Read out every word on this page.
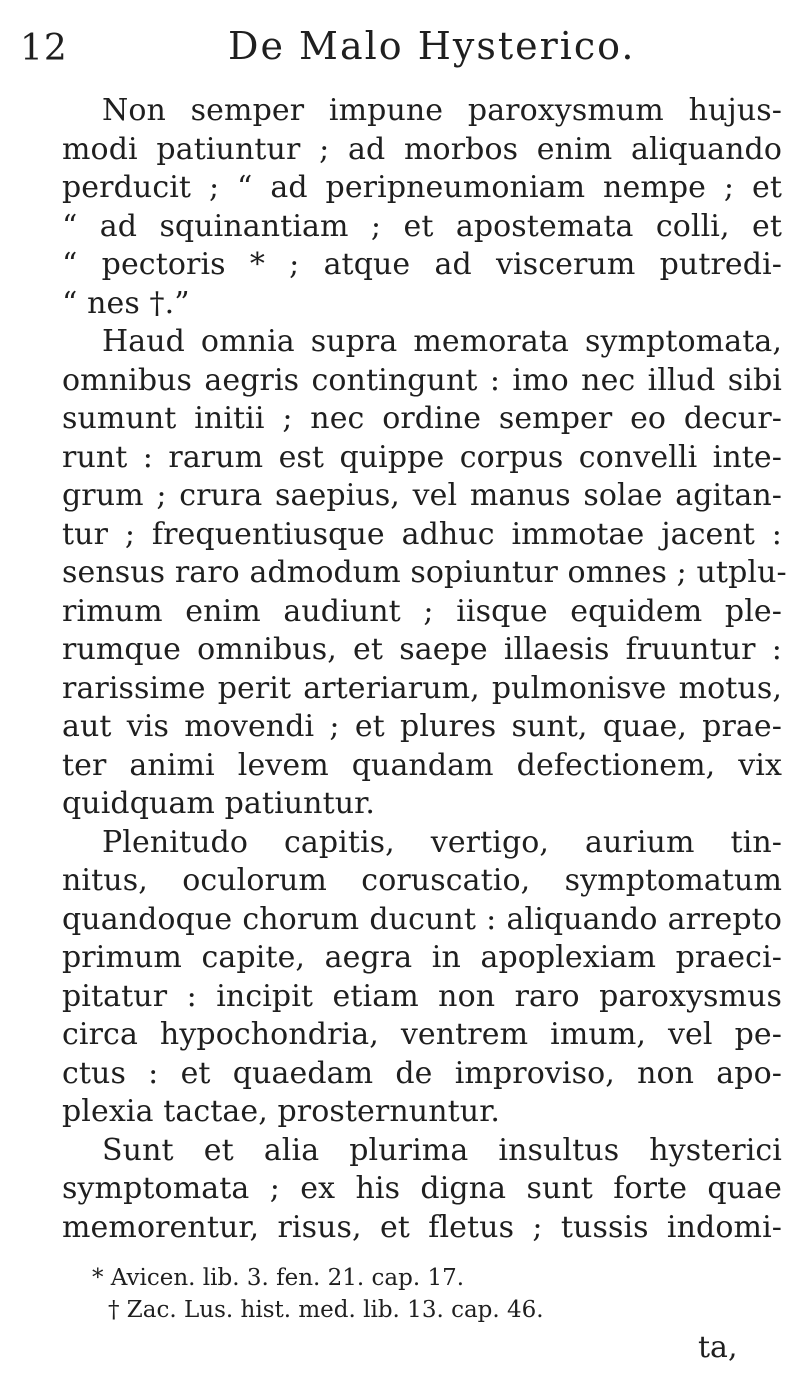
12	De Malo Hysterico.
Non semper impune paroxysmum hujus-
modi patiuntur ; ad morbos enim aliquando
perducit ; “ ad peripneumoniam nempe ; et
“ ad squinantiam ; et apostemata colli, et
“ pectoris * ; atque ad viscerum putredi-
“ nes †.”
Haud omnia supra memorata symptomata,
omnibus aegris contingunt : imo nec illud sibi
sumunt initii ; nec ordine semper eo decur-
runt : rarum est quippe corpus convelli inte-
grum ; crura saepius, vel manus solae agitan-
tur ; frequentiusque adhuc immotae jacent :
sensus raro admodum sopiuntur omnes ; utplu-
rimum enim audiunt ; iisque equidem ple-
rumque omnibus, et saepe illaesis fruuntur :
rarissime perit arteriarum, pulmonisve motus,
aut vis movendi ; et plures sunt, quae, prae-
ter animi levem quandam defectionem, vix
quidquam patiuntur.
Plenitudo capitis, vertigo, aurium tin-
nitus, oculorum coruscatio, symptomatum
quandoque chorum ducunt : aliquando arrepto
primum capite, aegra in apoplexiam praeci-
pitatur : incipit etiam non raro paroxysmus
circa hypochondria, ventrem imum, vel pe-
ctus : et quaedam de improviso, non apo-
plexia tactae, prosternuntur.
Sunt et alia plurima insultus hysterici
symptomata ; ex his digna sunt forte quae
memorentur, risus, et fletus ; tussis indomi-
* Avicen. lib. 3. fen. 21. cap. 17.
† Zac. Lus. hist. med. lib. 13. cap. 46.
ta,
